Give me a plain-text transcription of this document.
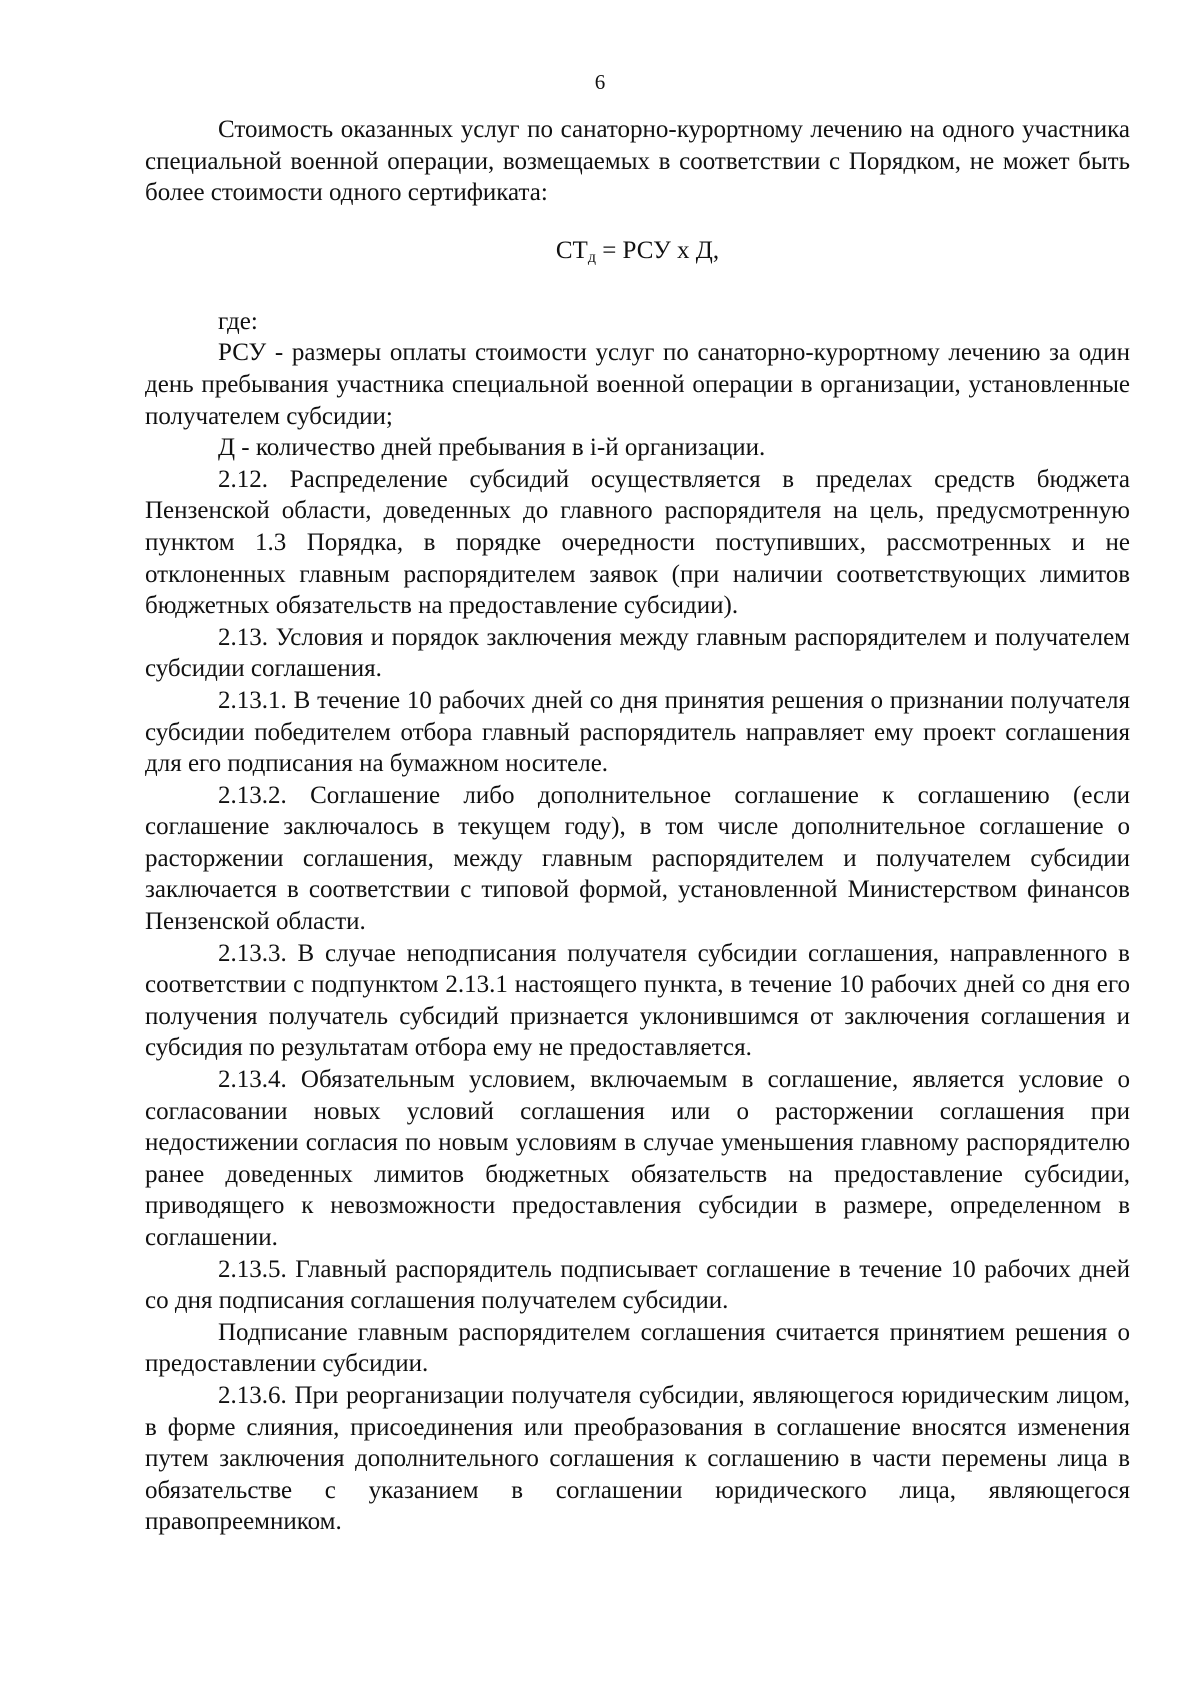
6

Стоимость оказанных услуг по санаторно-курортному лечению на одного участника специальной военной операции, возмещаемых в соответствии с Порядком, не может быть более стоимости одного сертификата:

$СТ_д$ = РСУ х Д,

где:

РСУ - размеры оплаты стоимости услуг по санаторно-курортному лечению за один день пребывания участника специальной военной операции в организации, установленные получателем субсидии;

Д - количество дней пребывания в i-й организации.

2.12. Распределение субсидий осуществляется в пределах средств бюджета Пензенской области, доведенных до главного распорядителя на цель, предусмотренную пунктом 1.3 Порядка, в порядке очередности поступивших, рассмотренных и не отклоненных главным распорядителем заявок (при наличии соответствующих лимитов бюджетных обязательств на предоставление субсидии).

2.13. Условия и порядок заключения между главным распорядителем и получателем субсидии соглашения.

2.13.1. В течение 10 рабочих дней со дня принятия решения о признании получателя субсидии победителем отбора главный распорядитель направляет ему проект соглашения для его подписания на бумажном носителе.

2.13.2. Соглашение либо дополнительное соглашение к соглашению (если соглашение заключалось в текущем году), в том числе дополнительное соглашение о расторжении соглашения, между главным распорядителем и получателем субсидии заключается в соответствии с типовой формой, установленной Министерством финансов Пензенской области.

2.13.3. В случае неподписания получателя субсидии соглашения, направленного в соответствии с подпунктом 2.13.1 настоящего пункта, в течение 10 рабочих дней со дня его получения получатель субсидий признается уклонившимся от заключения соглашения и субсидия по результатам отбора ему не предоставляется.

2.13.4. Обязательным условием, включаемым в соглашение, является условие о согласовании новых условий соглашения или о расторжении соглашения при недостижении согласия по новым условиям в случае уменьшения главному распорядителю ранее доведенных лимитов бюджетных обязательств на предоставление субсидии, приводящего к невозможности предоставления субсидии в размере, определенном в соглашении.

2.13.5. Главный распорядитель подписывает соглашение в течение 10 рабочих дней со дня подписания соглашения получателем субсидии.

Подписание главным распорядителем соглашения считается принятием решения о предоставлении субсидии.

2.13.6. При реорганизации получателя субсидии, являющегося юридическим лицом, в форме слияния, присоединения или преобразования в соглашение вносятся изменения путем заключения дополнительного соглашения к соглашению в части перемены лица в обязательстве с указанием в соглашении юридического лица, являющегося правопреемником.
